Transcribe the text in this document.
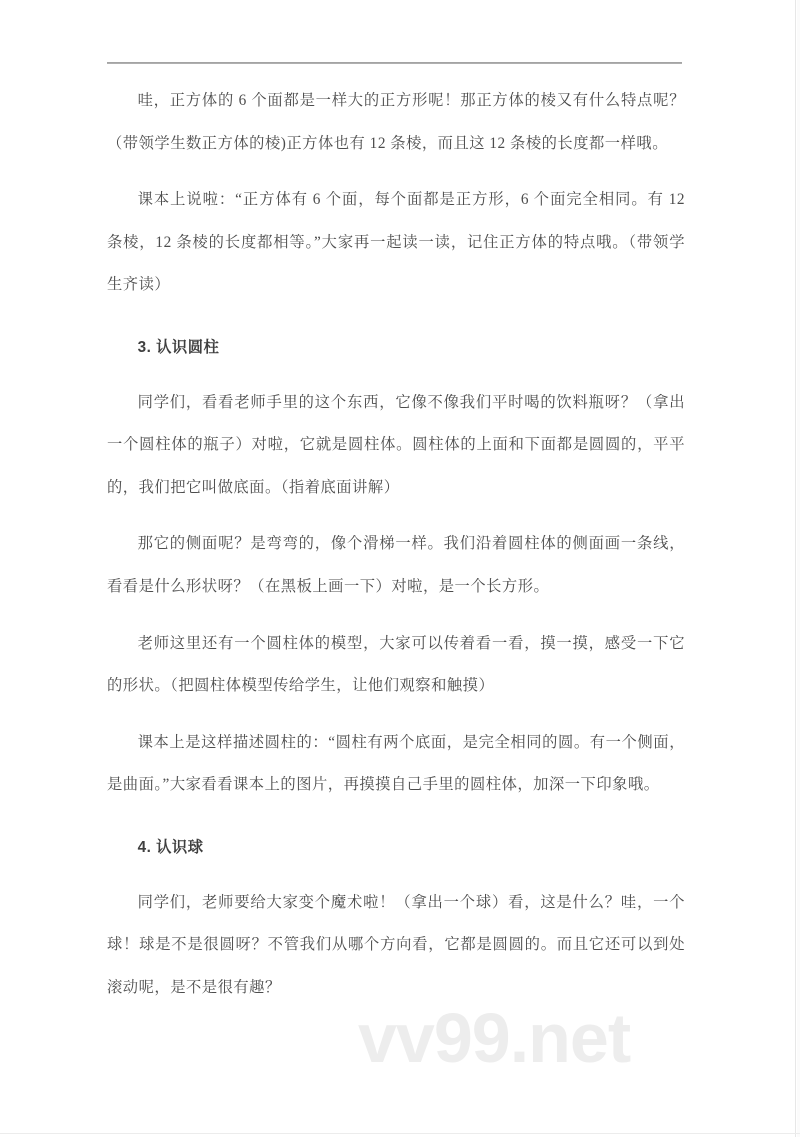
哇，正方体的 6 个面都是一样大的正方形呢！那正方体的棱又有什么特点呢？（带领学生数正方体的棱)正方体也有 12 条棱，而且这 12 条棱的长度都一样哦。

课本上说啦：“正方体有 6 个面，每个面都是正方形，6 个面完全相同。有 12 条棱，12 条棱的长度都相等。”大家再一起读一读，记住正方体的特点哦。（带领学生齐读）

3. 认识圆柱

同学们，看看老师手里的这个东西，它像不像我们平时喝的饮料瓶呀？（拿出一个圆柱体的瓶子）对啦，它就是圆柱体。圆柱体的上面和下面都是圆圆的，平平的，我们把它叫做底面。（指着底面讲解）

那它的侧面呢？是弯弯的，像个滑梯一样。我们沿着圆柱体的侧面画一条线，看看是什么形状呀？（在黑板上画一下）对啦，是一个长方形。

老师这里还有一个圆柱体的模型，大家可以传着看一看，摸一摸，感受一下它的形状。（把圆柱体模型传给学生，让他们观察和触摸）

课本上是这样描述圆柱的：“圆柱有两个底面，是完全相同的圆。有一个侧面，是曲面。”大家看看课本上的图片，再摸摸自己手里的圆柱体，加深一下印象哦。

4. 认识球

同学们，老师要给大家变个魔术啦！（拿出一个球）看，这是什么？哇，一个球！球是不是很圆呀？不管我们从哪个方向看，它都是圆圆的。而且它还可以到处滚动呢，是不是很有趣？

vv99.net
